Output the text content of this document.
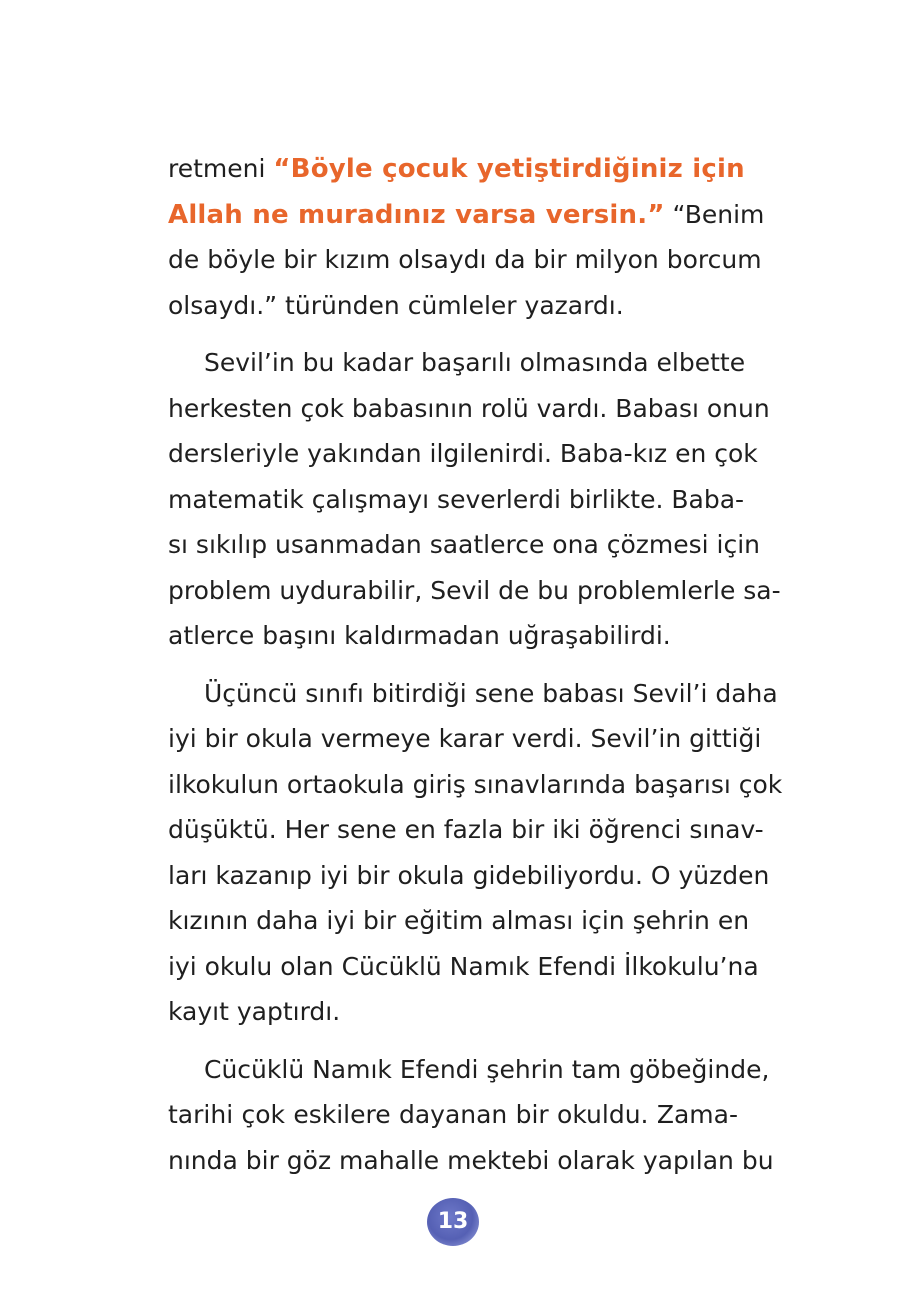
retmeni “Böyle çocuk yetiştirdiğiniz için
Allah ne muradınız varsa versin.” “Benim
de böyle bir kızım olsaydı da bir milyon borcum
olsaydı.” türünden cümleler yazardı.
Sevil’in bu kadar başarılı olmasında elbette
herkesten çok babasının rolü vardı. Babası onun
dersleriyle yakından ilgilenirdi. Baba-kız en çok
matematik çalışmayı severlerdi birlikte. Baba-
sı sıkılıp usanmadan saatlerce ona çözmesi için
problem uydurabilir, Sevil de bu problemlerle sa-
atlerce başını kaldırmadan uğraşabilirdi.
Üçüncü sınıfı bitirdiği sene babası Sevil’i daha
iyi bir okula vermeye karar verdi. Sevil’in gittiği
ilkokulun ortaokula giriş sınavlarında başarısı çok
düşüktü. Her sene en fazla bir iki öğrenci sınav-
ları kazanıp iyi bir okula gidebiliyordu. O yüzden
kızının daha iyi bir eğitim alması için şehrin en
iyi okulu olan Cücüklü Namık Efendi İlkokulu’na
kayıt yaptırdı.
Cücüklü Namık Efendi şehrin tam göbeğinde,
tarihi çok eskilere dayanan bir okuldu. Zama-
nında bir göz mahalle mektebi olarak yapılan bu
13
